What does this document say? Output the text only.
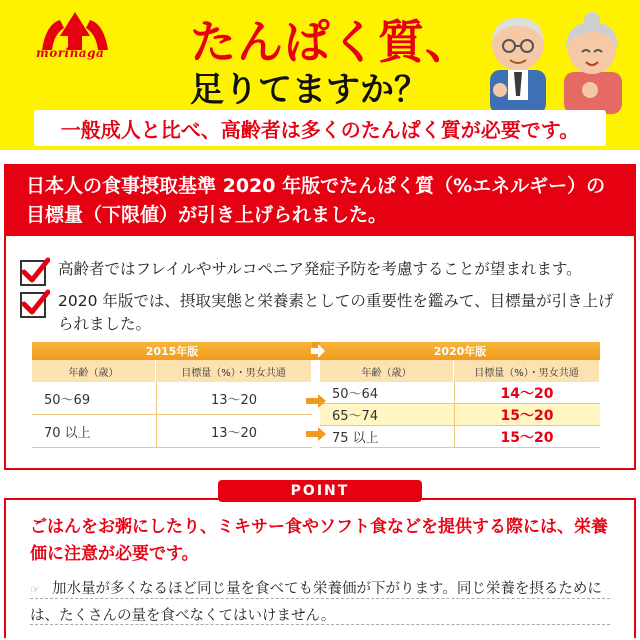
morinaga たんぱく質、
足りてますか？
一般成人と比べ、高齢者は多くのたんぱく質が必要です。
日本人の食事摂取基準 2020 年版でたんぱく質（%エネルギー）の
目標量（下限値）が引き上げられました。
高齢者ではフレイルやサルコペニア発症予防を考慮することが望まれます。
2020 年版では、摂取実態と栄養素としての重要性を鑑みて、目標量が引き上げられました。
2015年版	2020年版
年齢（歳）	目標量（%）・男女共通	年齢（歳）	目標量（%）・男女共通
50〜69	13〜20
70 以上	13〜20
50〜64	14〜20
65〜74	15〜20
75 以上	15〜20
POINT
ごはんをお粥にしたり、ミキサー食やソフト食などを提供する際には、栄養価に注意が必要です。
☞ 加水量が多くなるほど同じ量を食べても栄養価が下がります。同じ栄養を摂るためには、たくさんの量を食べなくてはいけません。
